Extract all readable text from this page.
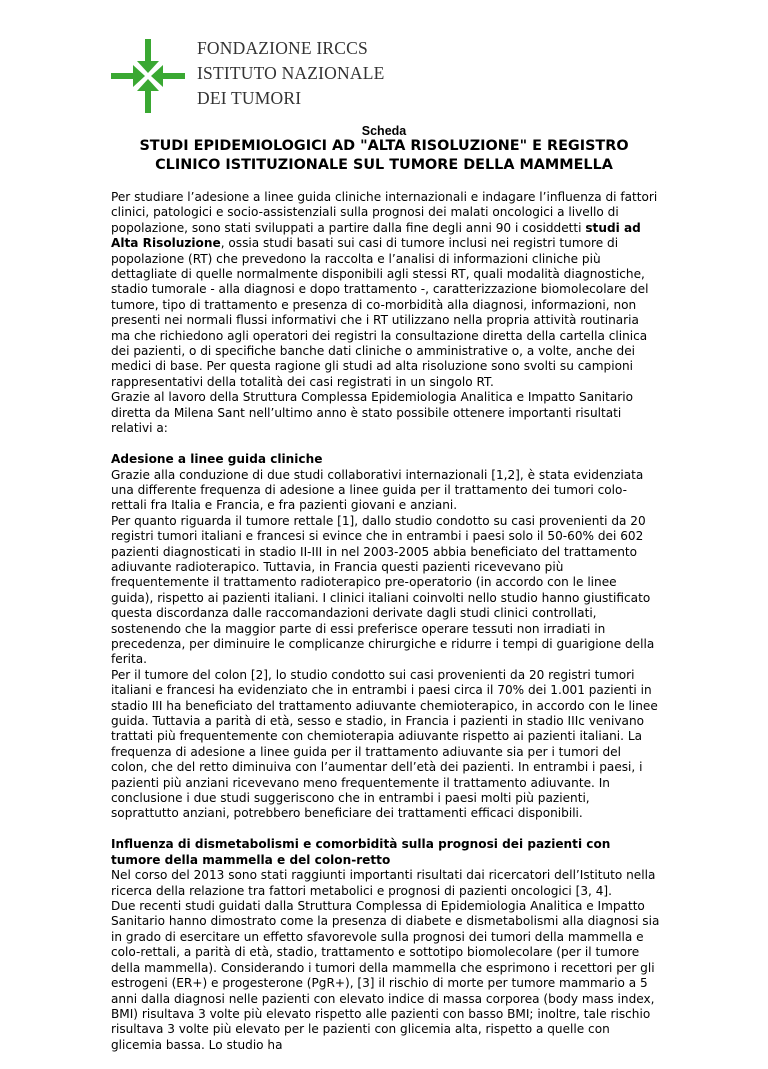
FONDAZIONE IRCCS
ISTITUTO NAZIONALE
DEI TUMORI
Scheda
STUDI EPIDEMIOLOGICI AD "ALTA RISOLUZIONE" E REGISTRO
CLINICO ISTITUZIONALE SUL TUMORE DELLA MAMMELLA

Per studiare l’adesione a linee guida cliniche internazionali e indagare l’influenza di fattori clinici, patologici e socio-assistenziali sulla prognosi dei malati oncologici a livello di popolazione, sono stati sviluppati a partire dalla fine degli anni 90 i cosiddetti studi ad Alta Risoluzione, ossia studi basati sui casi di tumore inclusi nei registri tumore di popolazione (RT) che prevedono la raccolta e l’analisi di informazioni cliniche più dettagliate di quelle normalmente disponibili agli stessi RT, quali modalità diagnostiche, stadio tumorale - alla diagnosi e dopo trattamento -, caratterizzazione biomolecolare del tumore, tipo di trattamento e presenza di co-morbidità alla diagnosi, informazioni, non presenti nei normali flussi informativi che i RT utilizzano nella propria attività routinaria ma che richiedono agli operatori dei registri la consultazione diretta della cartella clinica dei pazienti, o di specifiche banche dati cliniche o amministrative o, a volte, anche dei medici di base. Per questa ragione gli studi ad alta risoluzione sono svolti su campioni rappresentativi della totalità dei casi registrati in un singolo RT.
Grazie al lavoro della Struttura Complessa Epidemiologia Analitica e Impatto Sanitario diretta da Milena Sant nell’ultimo anno è stato possibile ottenere importanti risultati relativi a:

Adesione a linee guida cliniche
Grazie alla conduzione di due studi collaborativi internazionali [1,2], è stata evidenziata una differente frequenza di adesione a linee guida per il trattamento dei tumori colo-rettali fra Italia e Francia, e fra pazienti giovani e anziani.
Per quanto riguarda il tumore rettale [1], dallo studio condotto su casi provenienti da 20 registri tumori italiani e francesi si evince che in entrambi i paesi solo il 50-60% dei 602 pazienti diagnosticati in stadio II-III in nel 2003-2005 abbia beneficiato del trattamento adiuvante radioterapico. Tuttavia, in Francia questi pazienti ricevevano più frequentemente il trattamento radioterapico pre-operatorio (in accordo con le linee guida), rispetto ai pazienti italiani. I clinici italiani coinvolti nello studio hanno giustificato questa discordanza dalle raccomandazioni derivate dagli studi clinici controllati, sostenendo che la maggior parte di essi preferisce operare tessuti non irradiati in precedenza, per diminuire le complicanze chirurgiche e ridurre i tempi di guarigione della ferita.
Per il tumore del colon [2], lo studio condotto sui casi provenienti da 20 registri tumori italiani e francesi ha evidenziato che in entrambi i paesi circa il 70% dei 1.001 pazienti in stadio III ha beneficiato del trattamento adiuvante chemioterapico, in accordo con le linee guida. Tuttavia a parità di età, sesso e stadio, in Francia i pazienti in stadio IIIc venivano trattati più frequentemente con chemioterapia adiuvante rispetto ai pazienti italiani. La frequenza di adesione a linee guida per il trattamento adiuvante sia per i tumori del colon, che del retto diminuiva con l’aumentar dell’età dei pazienti. In entrambi i paesi, i pazienti più anziani ricevevano meno frequentemente il trattamento adiuvante. In conclusione i due studi suggeriscono che in entrambi i paesi molti più pazienti, soprattutto anziani, potrebbero beneficiare dei trattamenti efficaci disponibili.

Influenza di dismetabolismi e comorbidità sulla prognosi dei pazienti con tumore della mammella e del colon-retto
Nel corso del 2013 sono stati raggiunti importanti risultati dai ricercatori dell’Istituto nella ricerca della relazione tra fattori metabolici e prognosi di pazienti oncologici [3, 4].
Due recenti studi guidati dalla Struttura Complessa di Epidemiologia Analitica e Impatto Sanitario hanno dimostrato come la presenza di diabete e dismetabolismi alla diagnosi sia in grado di esercitare un effetto sfavorevole sulla prognosi dei tumori della mammella e colo-rettali, a parità di età, stadio, trattamento e sottotipo biomolecolare (per il tumore della mammella). Considerando i tumori della mammella che esprimono i recettori per gli estrogeni (ER+) e progesterone (PgR+), [3] il rischio di morte per tumore mammario a 5 anni dalla diagnosi nelle pazienti con elevato indice di massa corporea (body mass index, BMI) risultava 3 volte più elevato rispetto alle pazienti con basso BMI; inoltre, tale rischio risultava 3 volte più elevato per le pazienti con glicemia alta, rispetto a quelle con glicemia bassa. Lo studio ha
